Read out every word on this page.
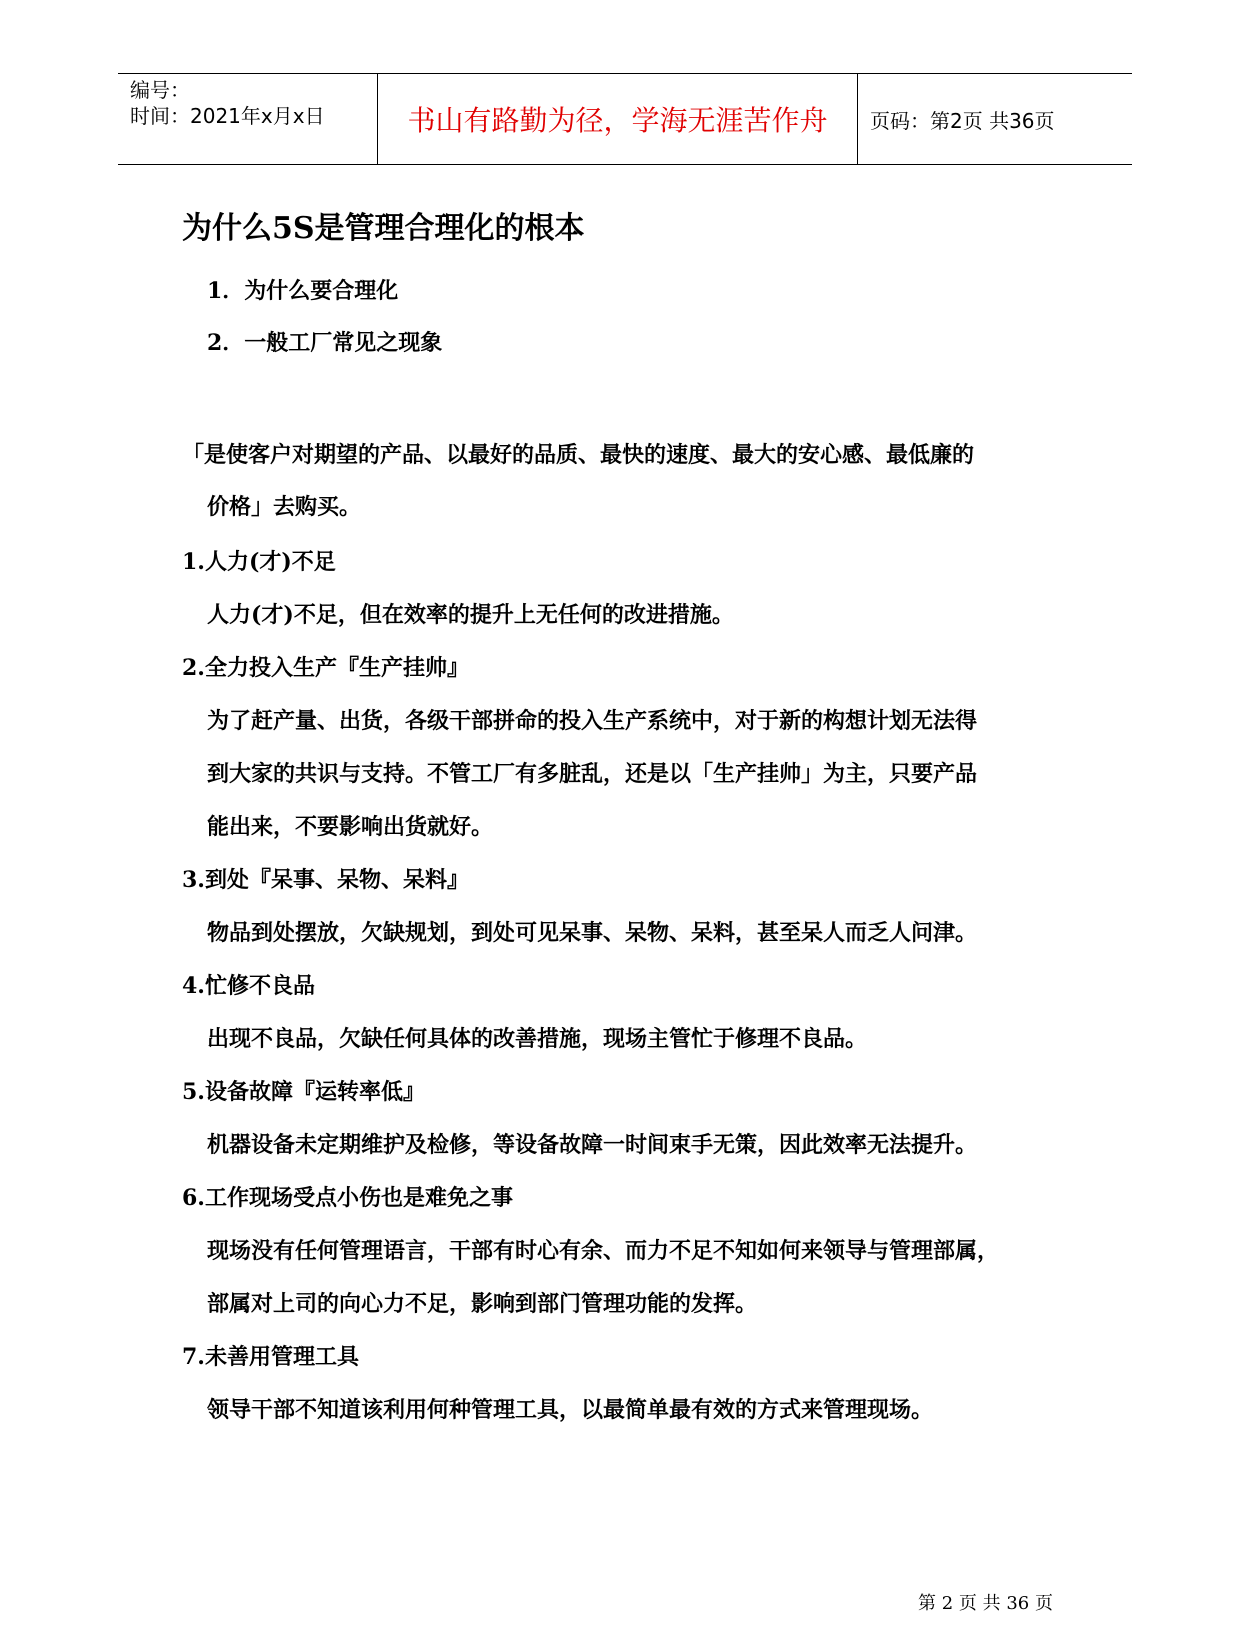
编号：
时间：2021年x月x日	书山有路勤为径，学海无涯苦作舟	页码：第2页 共36页
为什么5S是管理合理化的根本
1．为什么要合理化
2．一般工厂常见之现象
「是使客户对期望的产品、以最好的品质、最快的速度、最大的安心感、最低廉的
价格」去购买。
1.人力(才)不足
人力(才)不足，但在效率的提升上无任何的改进措施。
2.全力投入生产『生产挂帅』
为了赶产量、出货，各级干部拼命的投入生产系统中，对于新的构想计划无法得
到大家的共识与支持。不管工厂有多脏乱，还是以「生产挂帅」为主，只要产品
能出来，不要影响出货就好。
3.到处『呆事、呆物、呆料』
物品到处摆放，欠缺规划，到处可见呆事、呆物、呆料，甚至呆人而乏人问津。
4.忙修不良品
出现不良品，欠缺任何具体的改善措施，现场主管忙于修理不良品。
5.设备故障『运转率低』
机器设备未定期维护及检修，等设备故障一时间束手无策，因此效率无法提升。
6.工作现场受点小伤也是难免之事
现场没有任何管理语言，干部有时心有余、而力不足不知如何来领导与管理部属，
部属对上司的向心力不足，影响到部门管理功能的发挥。
7.未善用管理工具
领导干部不知道该利用何种管理工具，以最简单最有效的方式来管理现场。
第 2 页 共 36 页
